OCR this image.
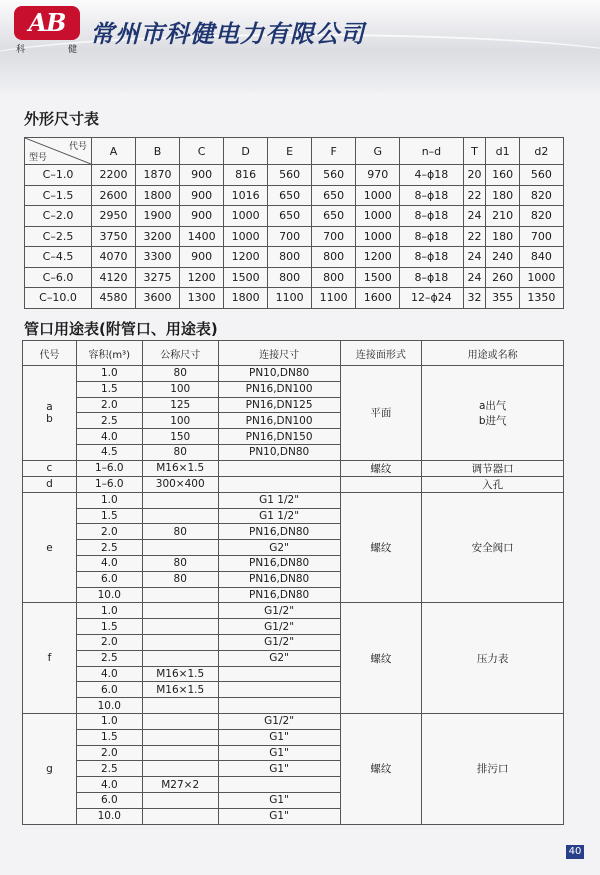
AB
科	健
常州市科健电力有限公司
外形尺寸表
代号
型号	A	B	C	D	E	F	G	n–d	T	d1	d2
C–1.0	2200	1870	900	816	560	560	970	4–ϕ18	20	160	560
C–1.5	2600	1800	900	1016	650	650	1000	8–ϕ18	22	180	820
C–2.0	2950	1900	900	1000	650	650	1000	8–ϕ18	24	210	820
C–2.5	3750	3200	1400	1000	700	700	1000	8–ϕ18	22	180	700
C–4.5	4070	3300	900	1200	800	800	1200	8–ϕ18	24	240	840
C–6.0	4120	3275	1200	1500	800	800	1500	8–ϕ18	24	260	1000
C–10.0	4580	3600	1300	1800	1100	1100	1600	12–ϕ24	32	355	1350
管口用途表(附管口、用途表)
代号	容积(m³)	公称尺寸	连接尺寸	连接面形式	用途或名称
a
b	1.0	80	PN10,DN80	平面	a出气
b进气
	1.5	100	PN16,DN100		
	2.0	125	PN16,DN125		
	2.5	100	PN16,DN100		
	4.0	150	PN16,DN150		
	4.5	80	PN10,DN80		
c	1–6.0	M16×1.5		螺纹	调节器口
d	1–6.0	300×400			入孔
e	1.0		G1 1/2"	螺纹	安全阀口
	1.5		G1 1/2"		
	2.0	80	PN16,DN80		
	2.5		G2"		
	4.0	80	PN16,DN80		
	6.0	80	PN16,DN80		
	10.0		PN16,DN80		
f	1.0		G1/2"	螺纹	压力表
	1.5		G1/2"		
	2.0		G1/2"		
	2.5		G2"		
	4.0	M16×1.5			
	6.0	M16×1.5			
	10.0				
g	1.0		G1/2"	螺纹	排污口
	1.5		G1"		
	2.0		G1"		
	2.5		G1"		
	4.0	M27×2			
	6.0		G1"		
	10.0		G1"		
40
